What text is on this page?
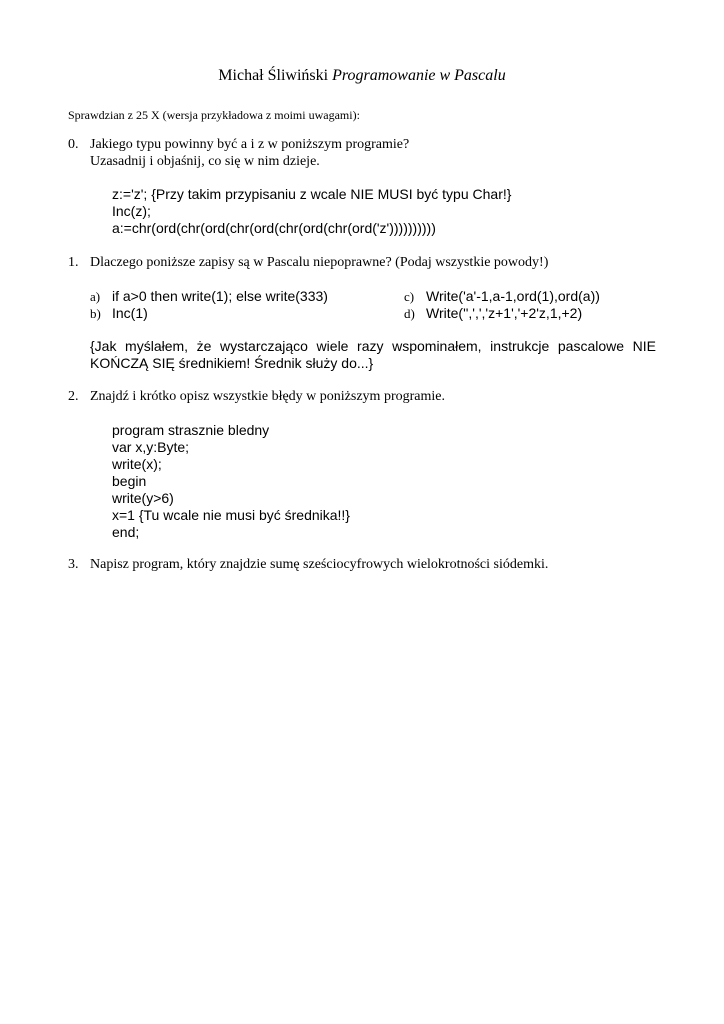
Michał Śliwiński Programowanie w Pascalu
Sprawdzian z 25 X (wersja przykładowa z moimi uwagami):
0. Jakiego typu powinny być a i z w poniższym programie?
Uzasadnij i objaśnij, co się w nim dzieje.
z:='z'; {Przy takim przypisaniu z wcale NIE MUSI być typu Char!}
Inc(z);
a:=chr(ord(chr(ord(chr(ord(chr(ord(chr(ord('z'))))))))))
1. Dlaczego poniższe zapisy są w Pascalu niepoprawne? (Podaj wszystkie powody!)
a) if a>0 then write(1); else write(333)
b) Inc(1)
c) Write('a'-1,a-1,ord(1),ord(a))
d) Write('',',','z+1','+2'z,1,+2)
{Jak myślałem, że wystarczająco wiele razy wspominałem, instrukcje pascalowe NIE KOŃCZĄ SIĘ średnikiem! Średnik służy do...}
2. Znajdź i krótko opisz wszystkie błędy w poniższym programie.
program strasznie bledny
var x,y:Byte;
write(x);
begin
write(y>6)
x=1 {Tu wcale nie musi być średnika!!}
end;
3. Napisz program, który znajdzie sumę sześciocyfrowych wielokrotności siódemki.
